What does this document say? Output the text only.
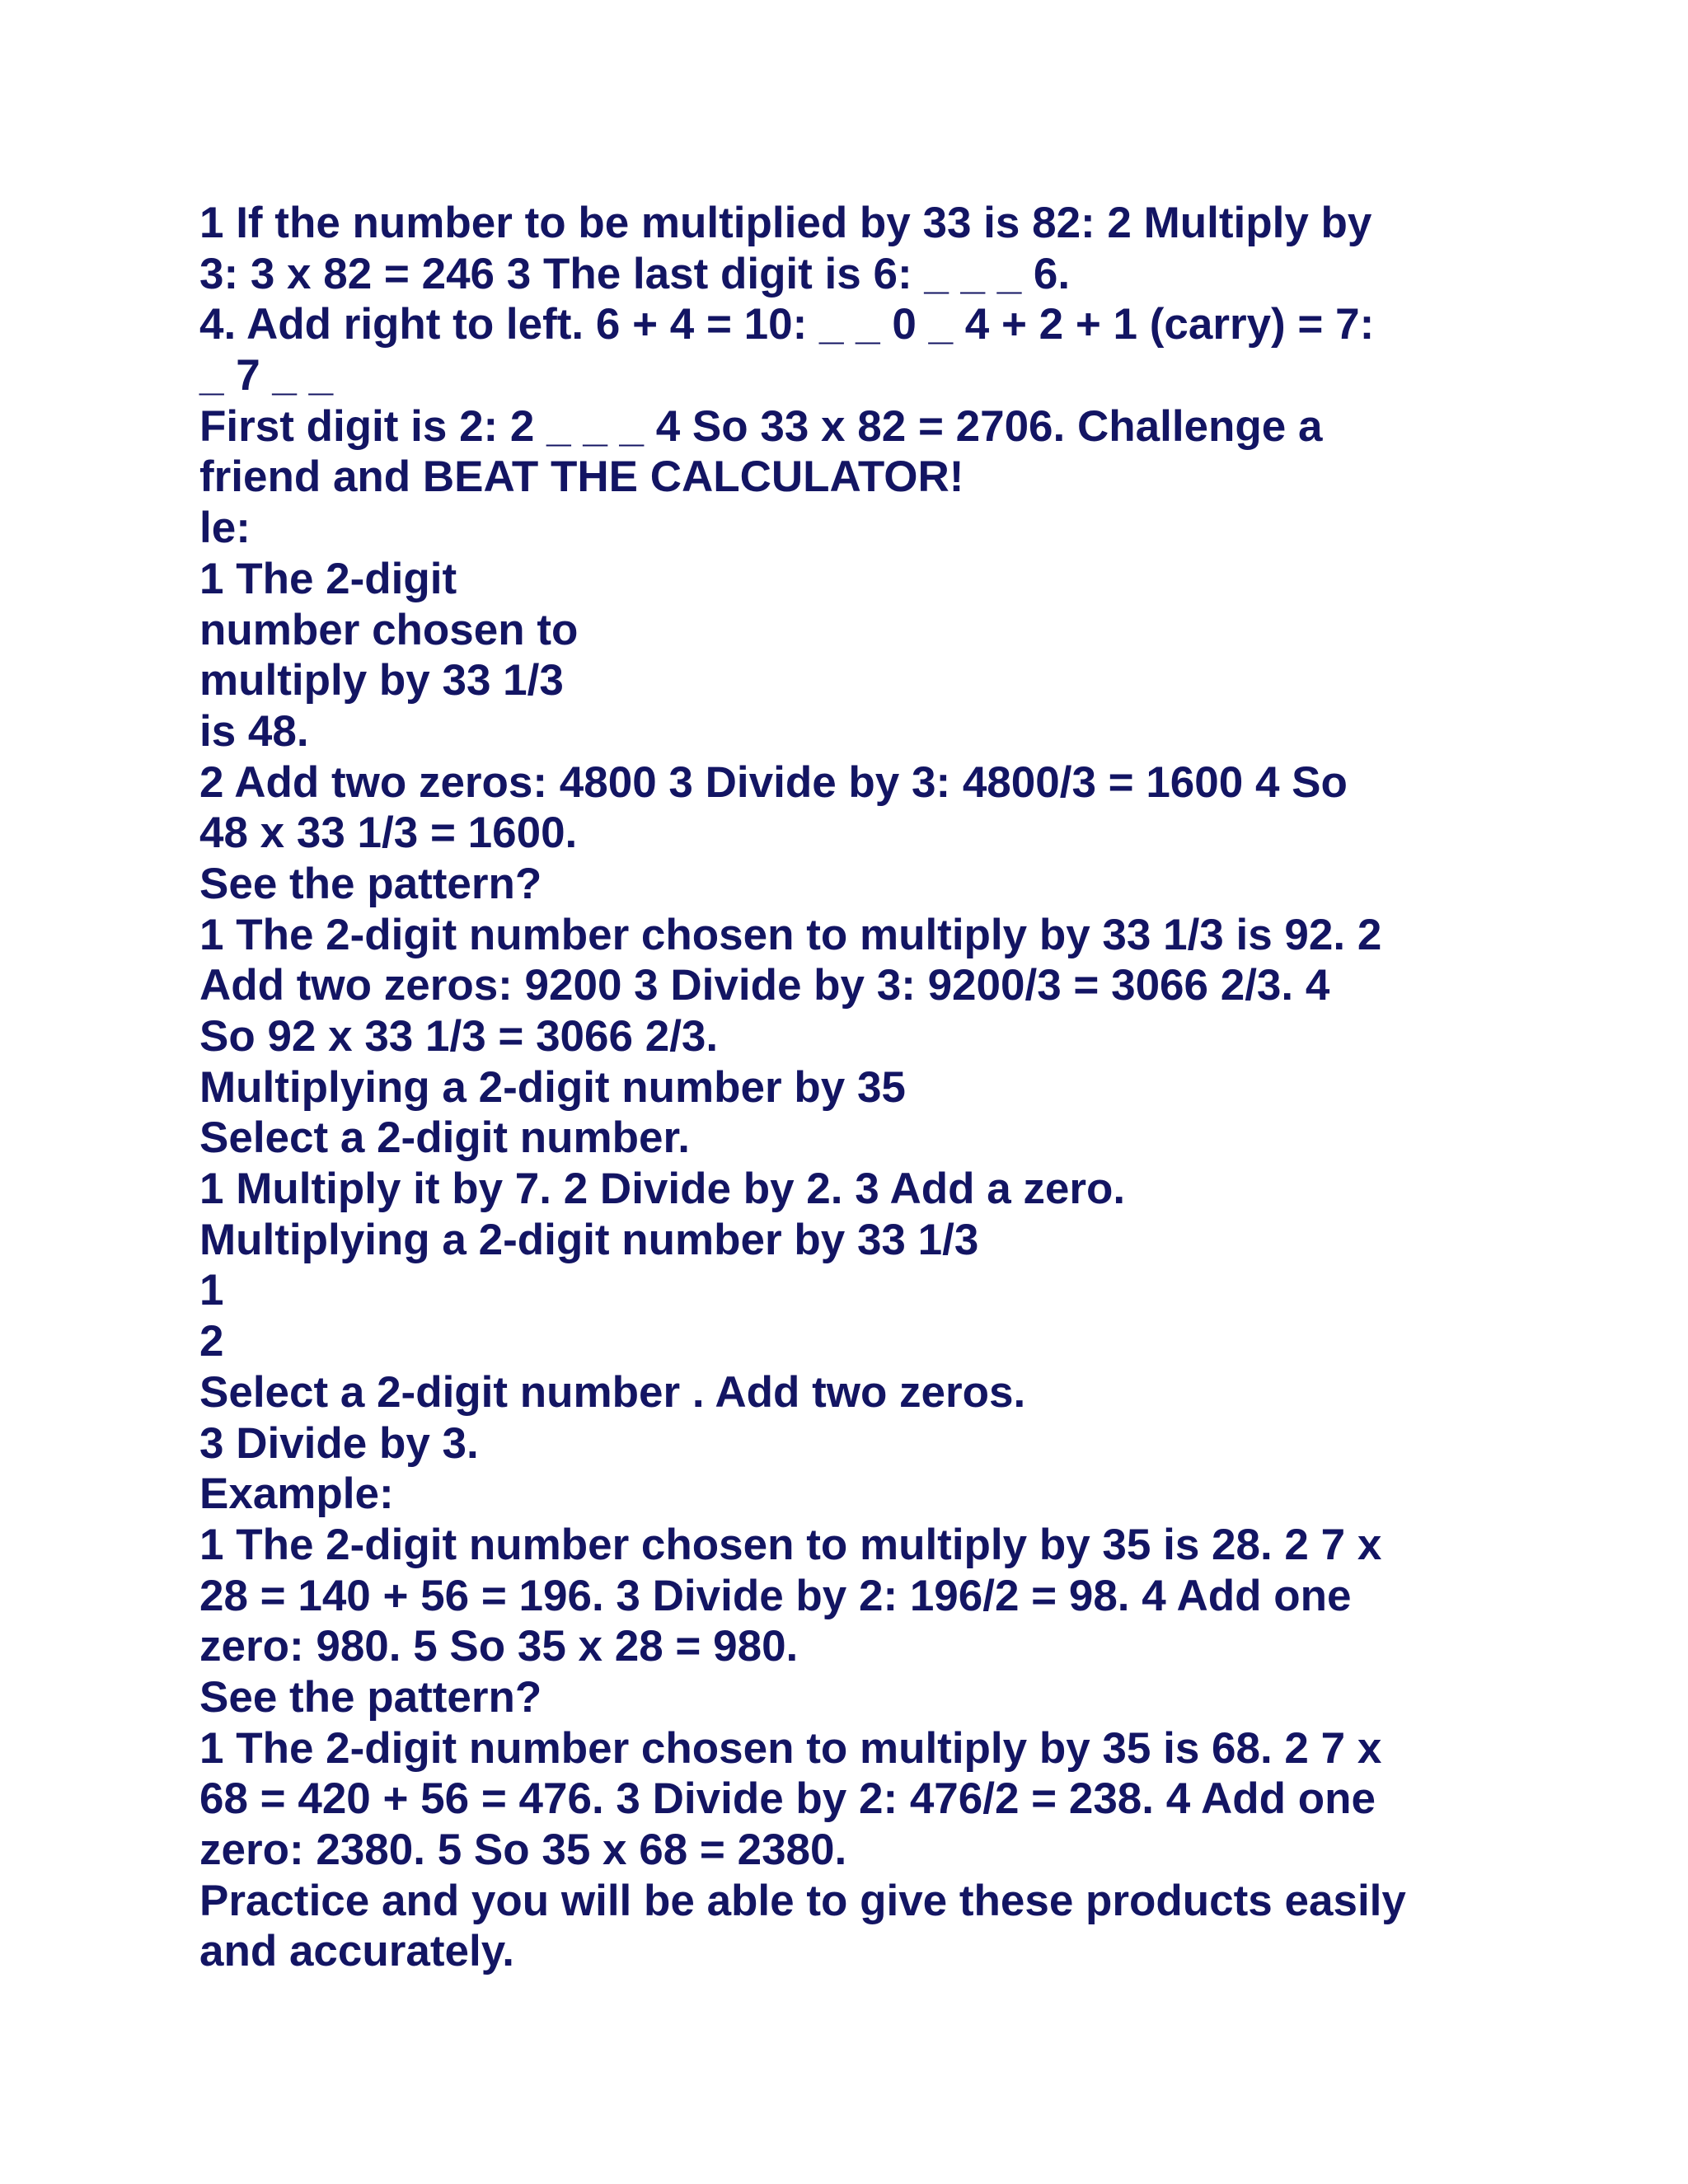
1 If the number to be multiplied by 33 is 82: 2 Multiply by
3: 3 x 82 = 246 3 The last digit is 6: _ _ _ 6.
4. Add right to left. 6 + 4 = 10: _ _ 0 _ 4 + 2 + 1 (carry) = 7:
_ 7 _ _
First digit is 2: 2 _ _ _ 4 So 33 x 82 = 2706. Challenge a
friend and BEAT THE CALCULATOR!
le:
1 The 2-digit
number chosen to
multiply by 33 1/3
is 48.
2 Add two zeros: 4800 3 Divide by 3: 4800/3 = 1600 4 So
48 x 33 1/3 = 1600.
See the pattern?
1 The 2-digit number chosen to multiply by 33 1/3 is 92. 2
Add two zeros: 9200 3 Divide by 3: 9200/3 = 3066 2/3. 4
So 92 x 33 1/3 = 3066 2/3.
Multiplying a 2-digit number by 35
Select a 2-digit number.
1 Multiply it by 7. 2 Divide by 2. 3 Add a zero.
Multiplying a 2-digit number by 33 1/3
1
2
Select a 2-digit number . Add two zeros.
3 Divide by 3.
Example:
1 The 2-digit number chosen to multiply by 35 is 28. 2 7 x
28 = 140 + 56 = 196. 3 Divide by 2: 196/2 = 98. 4 Add one
zero: 980. 5 So 35 x 28 = 980.
See the pattern?
1 The 2-digit number chosen to multiply by 35 is 68. 2 7 x
68 = 420 + 56 = 476. 3 Divide by 2: 476/2 = 238. 4 Add one
zero: 2380. 5 So 35 x 68 = 2380.
Practice and you will be able to give these products easily
and accurately.
